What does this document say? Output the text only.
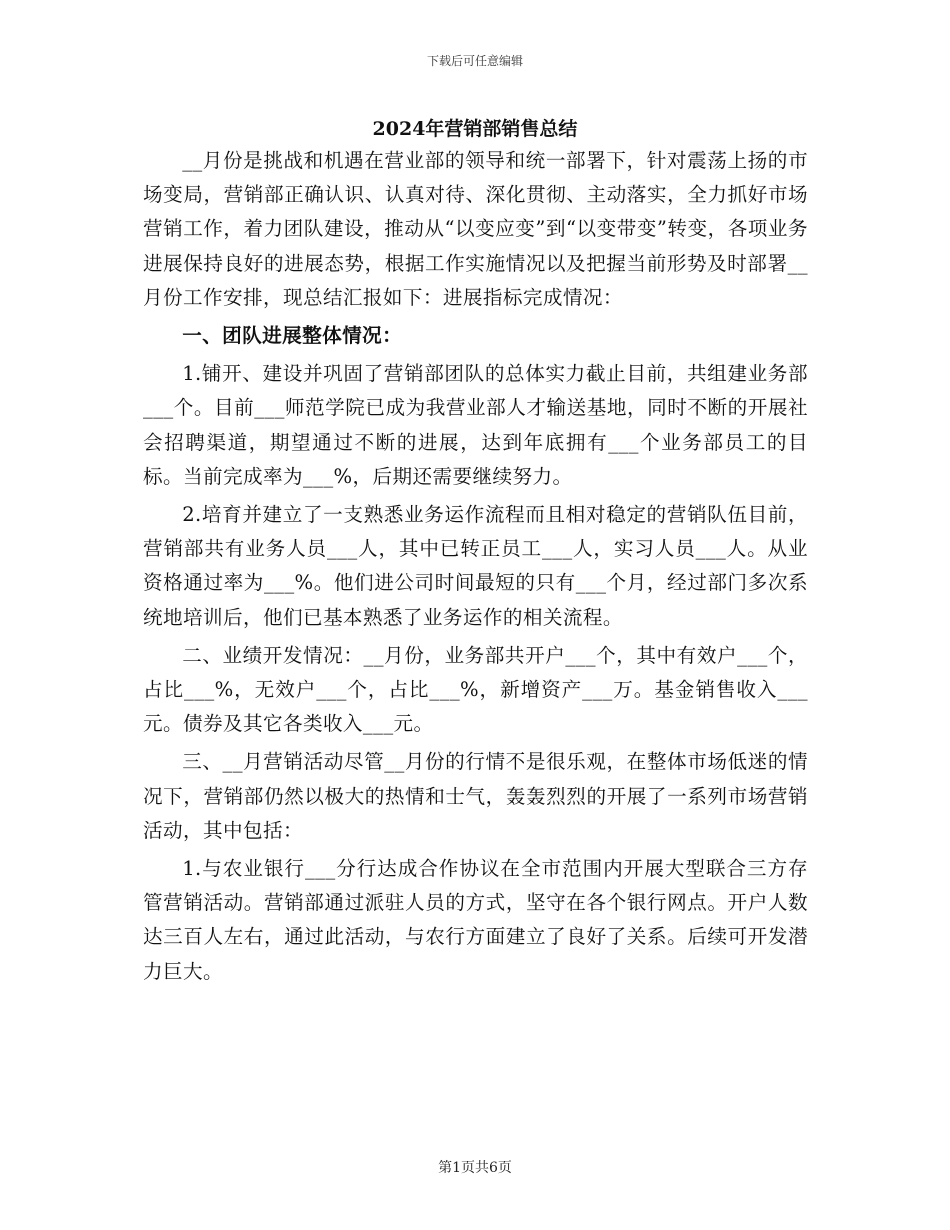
下载后可任意编辑
2024年营销部销售总结

__月份是挑战和机遇在营业部的领导和统一部署下，针对震荡上扬的市场变局，营销部正确认识、认真对待、深化贯彻、主动落实，全力抓好市场营销工作，着力团队建设，推动从“以变应变”到“以变带变”转变，各项业务进展保持良好的进展态势，根据工作实施情况以及把握当前形势及时部署__月份工作安排，现总结汇报如下：进展指标完成情况：

一、团队进展整体情况：

1.铺开、建设并巩固了营销部团队的总体实力截止目前，共组建业务部___个。目前___师范学院已成为我营业部人才输送基地，同时不断的开展社会招聘渠道，期望通过不断的进展，达到年底拥有___个业务部员工的目标。当前完成率为___%，后期还需要继续努力。

2.培育并建立了一支熟悉业务运作流程而且相对稳定的营销队伍目前，营销部共有业务人员___人，其中已转正员工___人，实习人员___人。从业资格通过率为___%。他们进公司时间最短的只有___个月，经过部门多次系统地培训后，他们已基本熟悉了业务运作的相关流程。

二、业绩开发情况：__月份，业务部共开户___个，其中有效户___个，占比___%，无效户___个，占比___%，新增资产___万。基金销售收入___元。债券及其它各类收入___元。

三、__月营销活动尽管__月份的行情不是很乐观，在整体市场低迷的情况下，营销部仍然以极大的热情和士气，轰轰烈烈的开展了一系列市场营销活动，其中包括：

1.与农业银行___分行达成合作协议在全市范围内开展大型联合三方存管营销活动。营销部通过派驻人员的方式，坚守在各个银行网点。开户人数达三百人左右，通过此活动，与农行方面建立了良好了关系。后续可开发潜力巨大。

第1页共6页
